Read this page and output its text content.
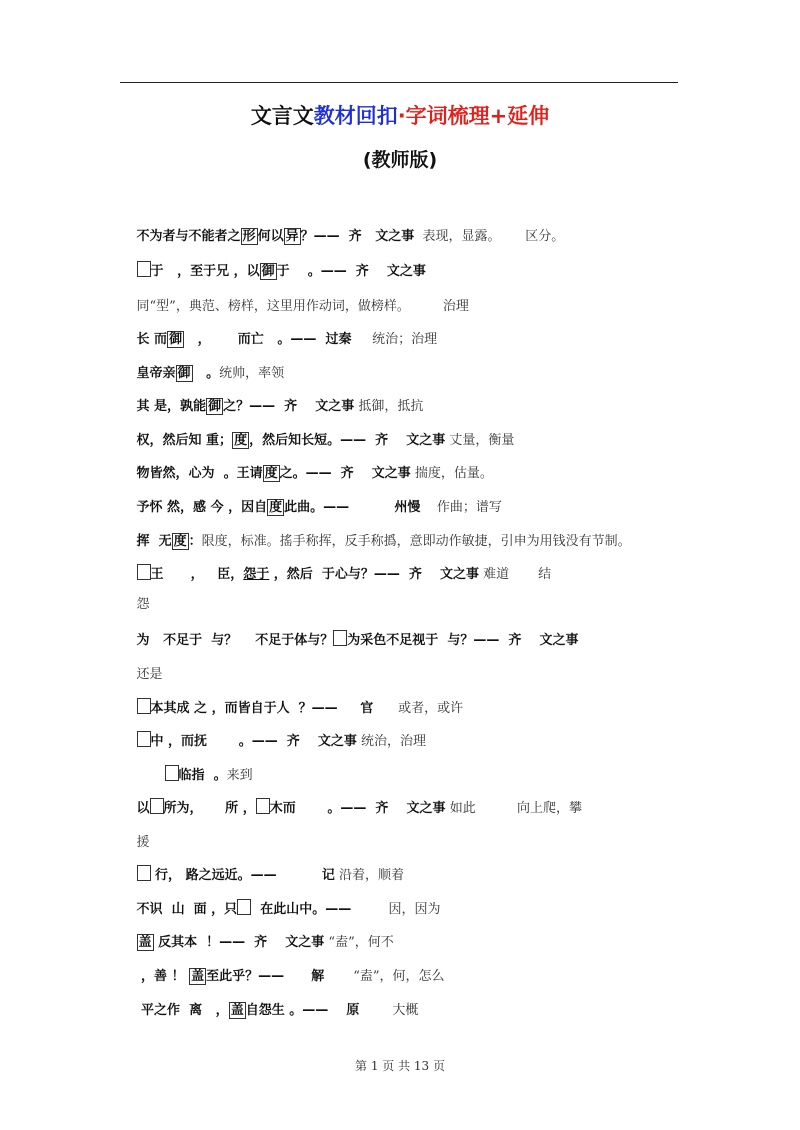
文言文教材回扣·字词梳理+延伸
(教师版)

不为者与不能者之 形 何以 异 ？——  齐   文之事 表现，显露。      区分。

于   ，至于兄 ，以 御 于    。——  齐    文之事

同“型”，典范、榜样，这里用作动词，做榜样。        治理

长 而 御   ，      而亡   。——  过秦 统治；治理

皇帝亲 御   。统帅，率领

其 是，孰能 御 之？——  齐    文之事 抵御，抵抗

权，然后知 重； 度 ，然后知长短。——  齐    文之事 丈量，衡量

物皆然，心为  。王请 度 之。——  齐    文之事 揣度，估量。

予怀 然，感 今 ，因自 度 此曲。——          州慢 作曲；谱写

挥  无 度 ：限度，标准。搖手称挥，反手称撝，意即动作敏捷，引申为用钱没有节制。

王      ，   臣，怨于 ，然后  于心与？——  齐    文之事 难道       结

怨

为   不足于  与？    不足于体与？ 为采色不足视于  与？——  齐    文之事

还是

本其成 之 ，而皆自于人  ？——     官 或者，或许

中 ，而抚       。——  齐    文之事 统治，治理

临指  。来到

以 所为，     所 ， 木而       。——  齐    文之事 如此          向上爬，攀

援

行， 路之远近。——          记 沿着，顺着

不识  山  面 ，只  在此山中。——	因，因为

盖 反其本  ！——  齐    文之事 “盍”，何不

，善 ！ 盖 至此乎？——      解 “盍”，何，怎么

平之作  离   ， 盖 自怨生 。——    原	大概

第 1 页 共 13 页
